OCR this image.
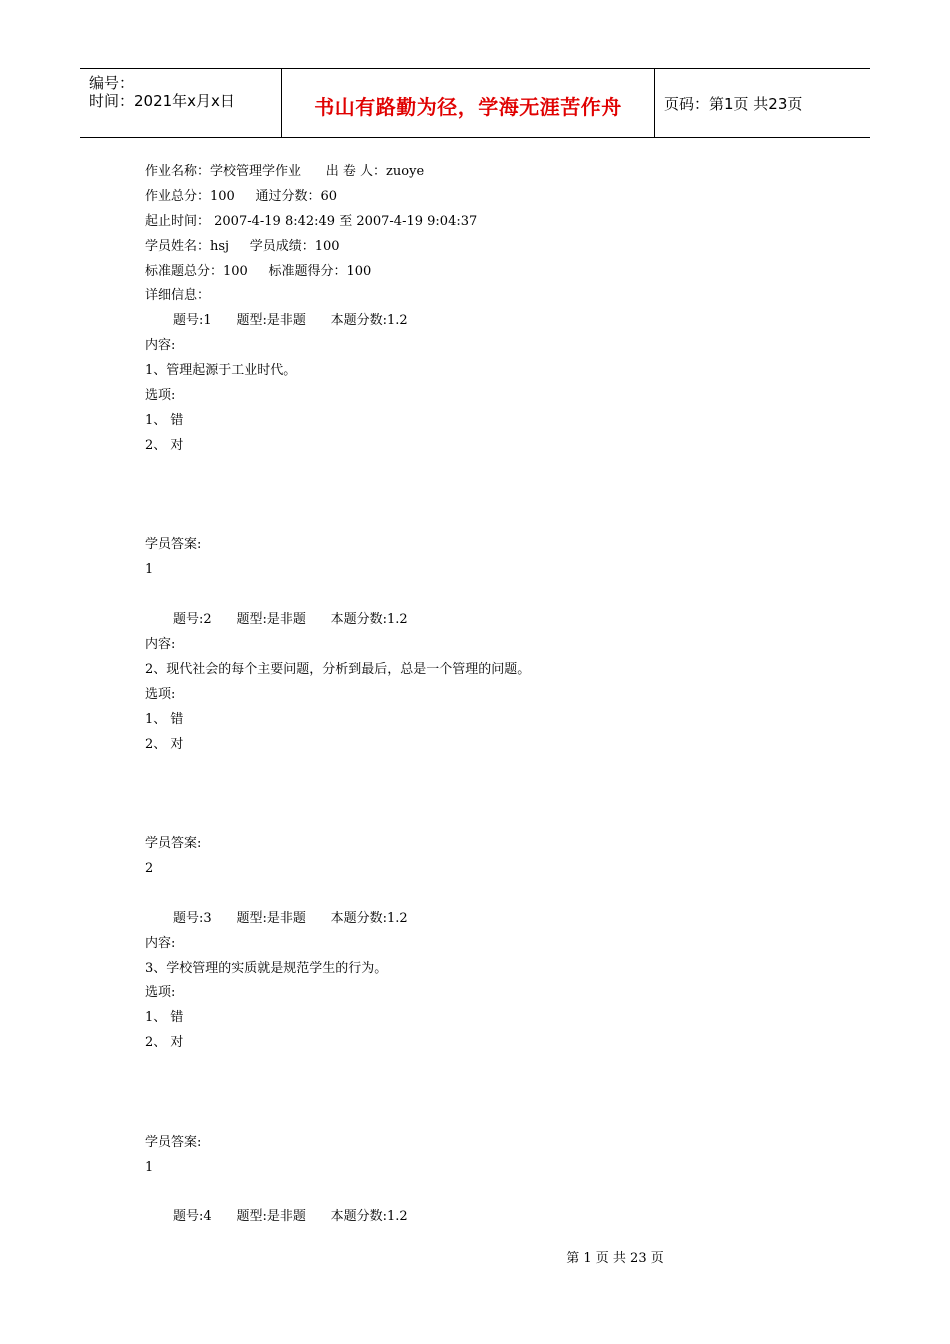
编号：
时间：2021年x月x日	书山有路勤为径，学海无涯苦作舟	页码：第1页 共23页
作业名称：学校管理学作业      出 卷 人：zuoye
作业总分：100     通过分数：60
起止时间： 2007-4-19 8:42:49 至 2007-4-19 9:04:37
学员姓名：hsj     学员成绩：100
标准题总分：100     标准题得分：100
详细信息：
题号:1      题型:是非题      本题分数:1.2
内容:
1、管理起源于工业时代。
选项:
1、 错
2、 对
学员答案:
1
题号:2      题型:是非题      本题分数:1.2
内容:
2、现代社会的每个主要问题，分析到最后，总是一个管理的问题。
选项:
1、 错
2、 对
学员答案:
2
题号:3      题型:是非题      本题分数:1.2
内容:
3、学校管理的实质就是规范学生的行为。
选项:
1、 错
2、 对
学员答案:
1
题号:4      题型:是非题      本题分数:1.2
第 1 页 共 23 页
